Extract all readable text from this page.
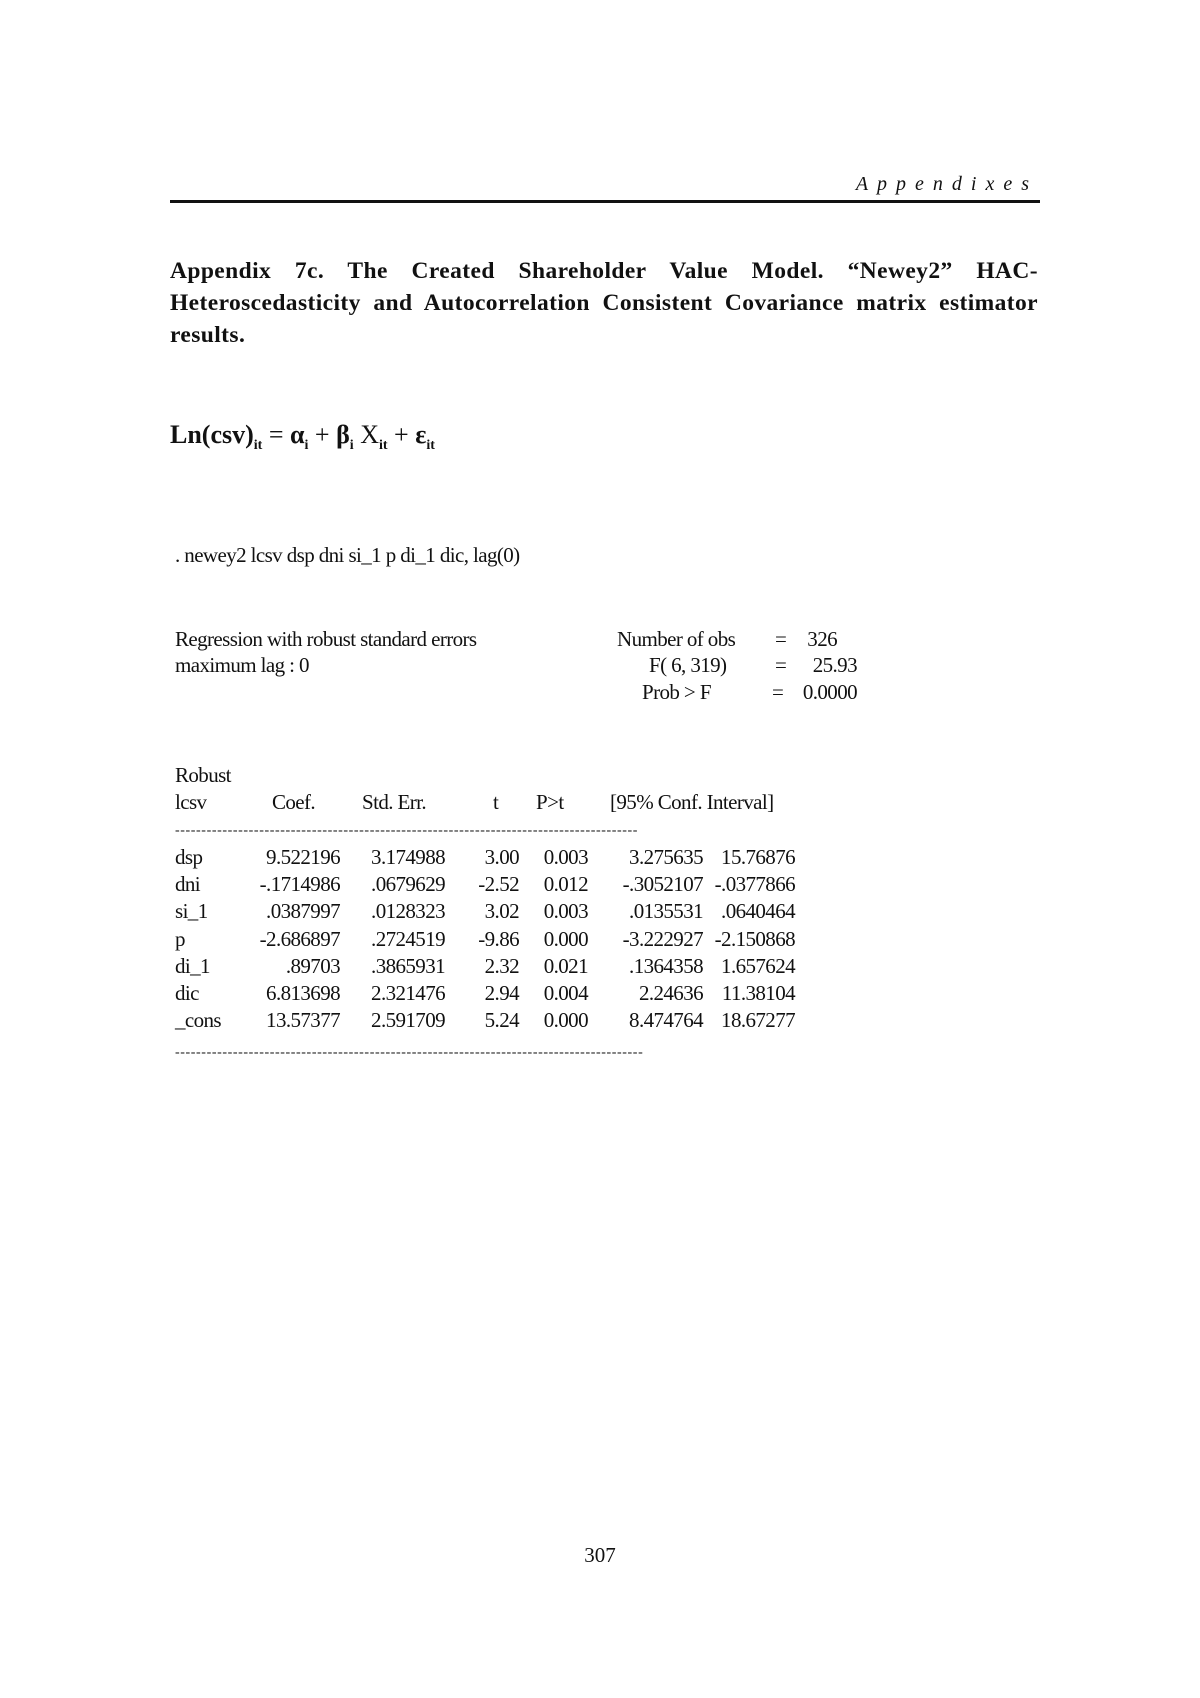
Appendixes
Appendix 7c. The Created Shareholder Value Model. “Newey2” HAC-Heteroscedasticity and Autocorrelation Consistent Covariance matrix estimator results.
$Ln(csv)_{it} = \alpha_i + \beta_i$ $X_{it} + \varepsilon_{it}$
. newey2 lcsv dsp dni si_1 p di_1 dic, lag(0)
Regression with robust standard errors
maximum lag : 0
Number of obs =	326
F( 6, 319) =	25.93
Prob > F	= 0.0000
Robust
lcsv	Coef. Std. Err.	t P>t [95% Conf. Interval]
----------------------------------------------------------------------------------------
dsp	9.522196 3.174988 3.00 0.003 3.275635 15.76876
dni	-.1714986 .0679629 -2.52 0.012 -.3052107 -.0377866
si_1	.0387997 .0128323 3.02 0.003 .0135531 .0640464
p	-2.686897 .2724519 -9.86 0.000 -3.222927 -2.150868
di_1	.89703 .3865931 2.32 0.021 .1364358 1.657624
dic	6.813698 2.321476 2.94 0.004 2.24636 11.38104
_cons 13.57377 2.591709 5.24 0.000 8.474764 18.67277
-----------------------------------------------------------------------------------------
307
